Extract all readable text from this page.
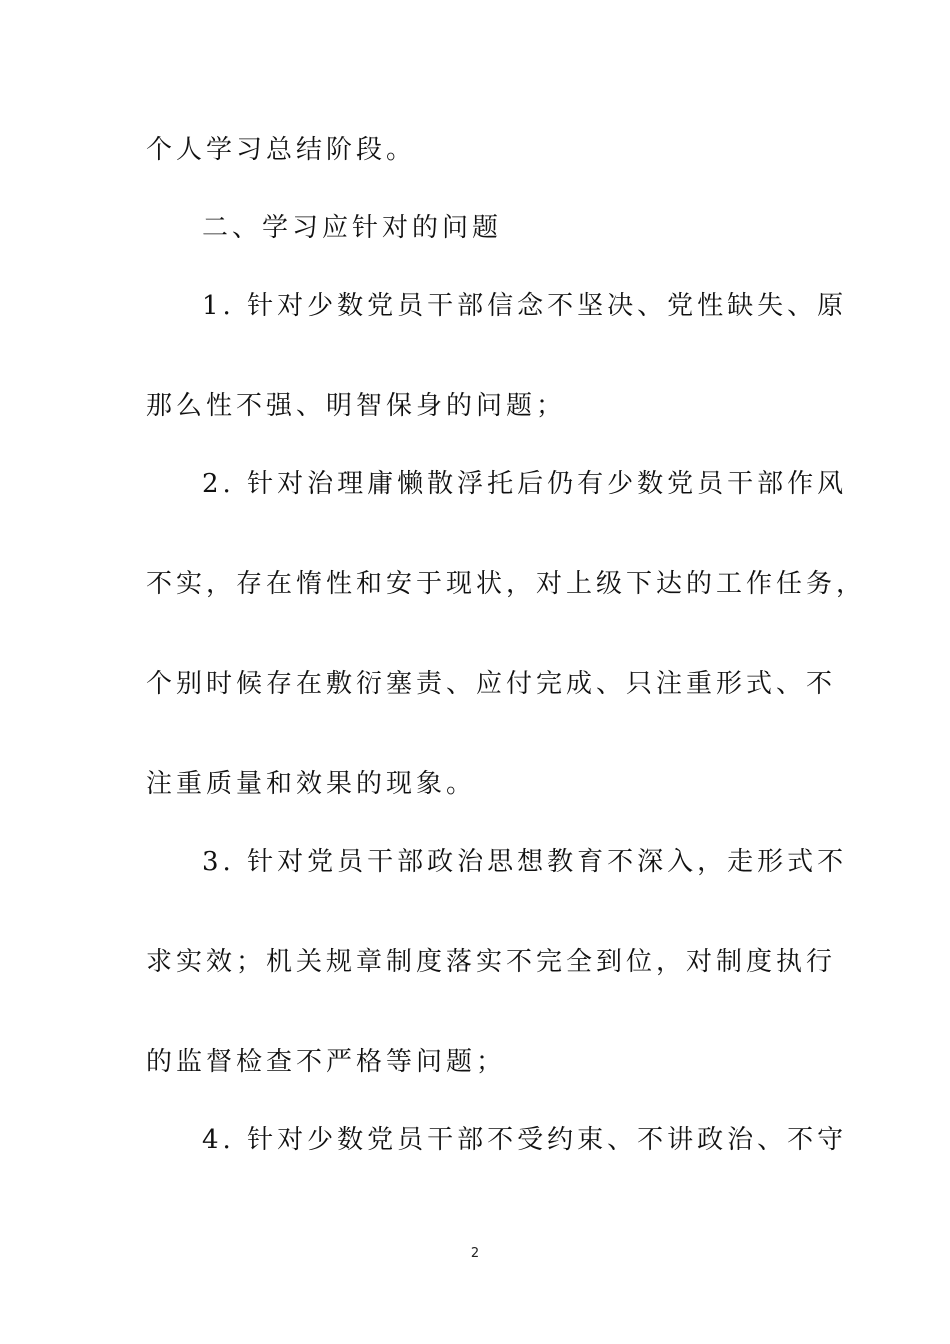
个人学习总结阶段。
二、学习应针对的问题
1. 针对少数党员干部信念不坚决、党性缺失、原
那么性不强、明智保身的问题；
2. 针对治理庸懒散浮托后仍有少数党员干部作风
不实，存在惰性和安于现状，对上级下达的工作任务，
个别时候存在敷衍塞责、应付完成、只注重形式、不
注重质量和效果的现象。
3. 针对党员干部政治思想教育不深入，走形式不
求实效；机关规章制度落实不完全到位，对制度执行
的监督检查不严格等问题；
4. 针对少数党员干部不受约束、不讲政治、不守
2
